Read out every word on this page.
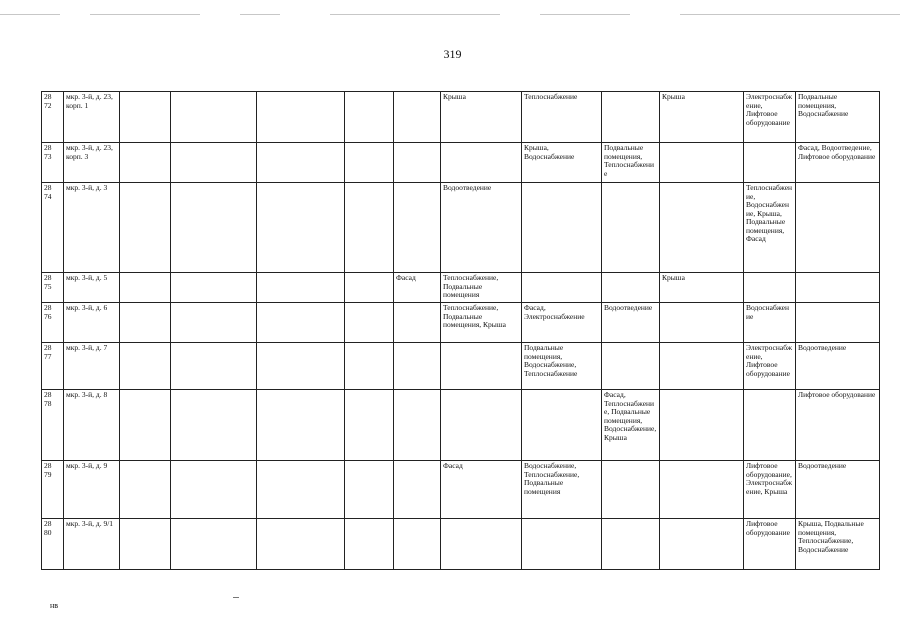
319
28
72	мкр. 3-й, д. 23, корп. 1						Крыша	Теплоснабжение		Крыша	Электроснабжение, Лифтовое оборудование	Подвальные помещения, Водоснабжение
28
73	мкр. 3-й, д. 23, корп. 3							Крыша, Водоснабжение	Подвальные помещения, Теплоснабжение			Фасад, Водоотведение, Лифтовое оборудование
28
74	мкр. 3-й, д. 3						Водоотведение				Теплоснабжение, Водоснабжение, Крыша, Подвальные помещения, Фасад	
28
75	мкр. 3-й, д. 5					Фасад	Теплоснабжение, Подвальные помещения			Крыша		
28
76	мкр. 3-й, д. 6						Теплоснабжение, Подвальные помещения, Крыша	Фасад, Электроснабжение	Водоотведение		Водоснабжение	
28
77	мкр. 3-й, д. 7							Подвальные помещения, Водоснабжение, Теплоснабжение			Электроснабжение, Лифтовое оборудование	Водоотведение
28
78	мкр. 3-й, д. 8								Фасад, Теплоснабжение, Подвальные помещения, Водоснабжение, Крыша			Лифтовое оборудование
28
79	мкр. 3-й, д. 9						Фасад	Водоснабжение, Теплоснабжение, Подвальные помещения			Лифтовое оборудование, Электроснабжение, Крыша	Водоотведение
28
80	мкр. 3-й, д. 9/1										Лифтовое оборудование	Крыша, Подвальные помещения, Теплоснабжение, Водоснабжение
нв
